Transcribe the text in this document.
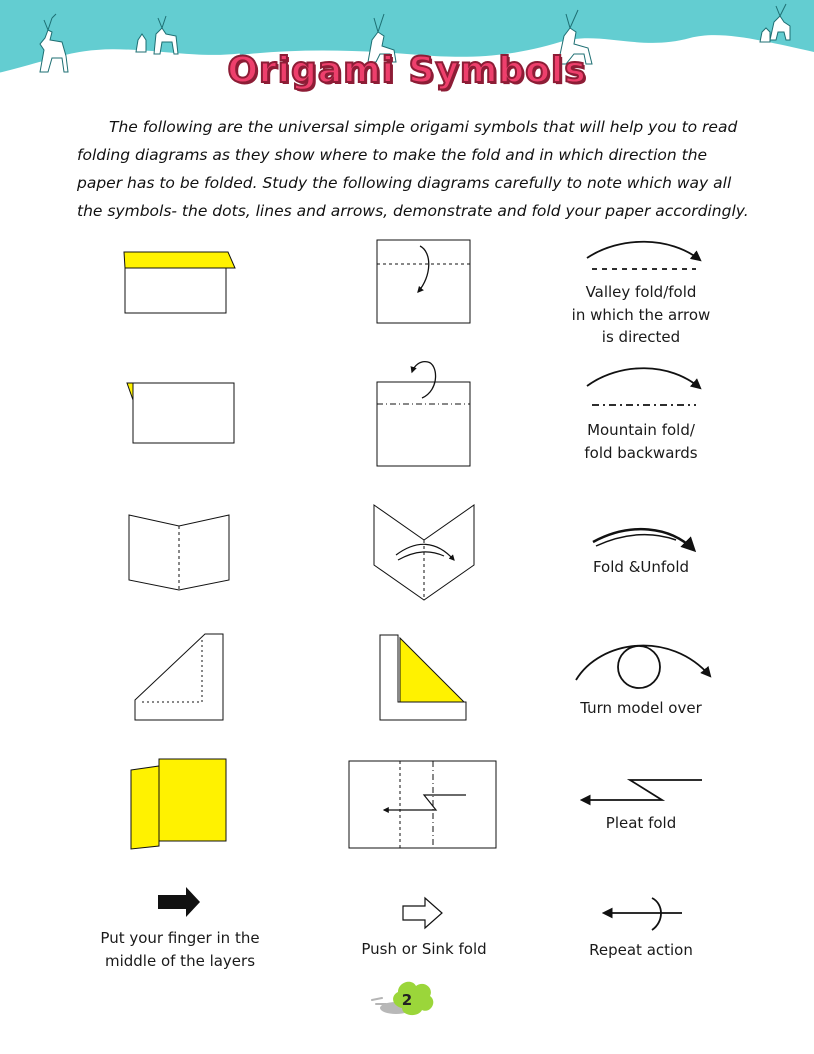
Origami Symbols

The following are the universal simple origami symbols that will help you to read folding diagrams as they show where to make the fold and in which direction the paper has to be folded. Study the following diagrams carefully to note which way all the symbols- the dots, lines and arrows, demonstrate and fold your paper accordingly.

Valley fold/fold
in which the arrow
is directed
Mountain fold/
fold backwards
Fold &Unfold
Turn model over
Pleat fold
Repeat action
Put your finger in the
middle of the layers
Push or Sink fold
2
